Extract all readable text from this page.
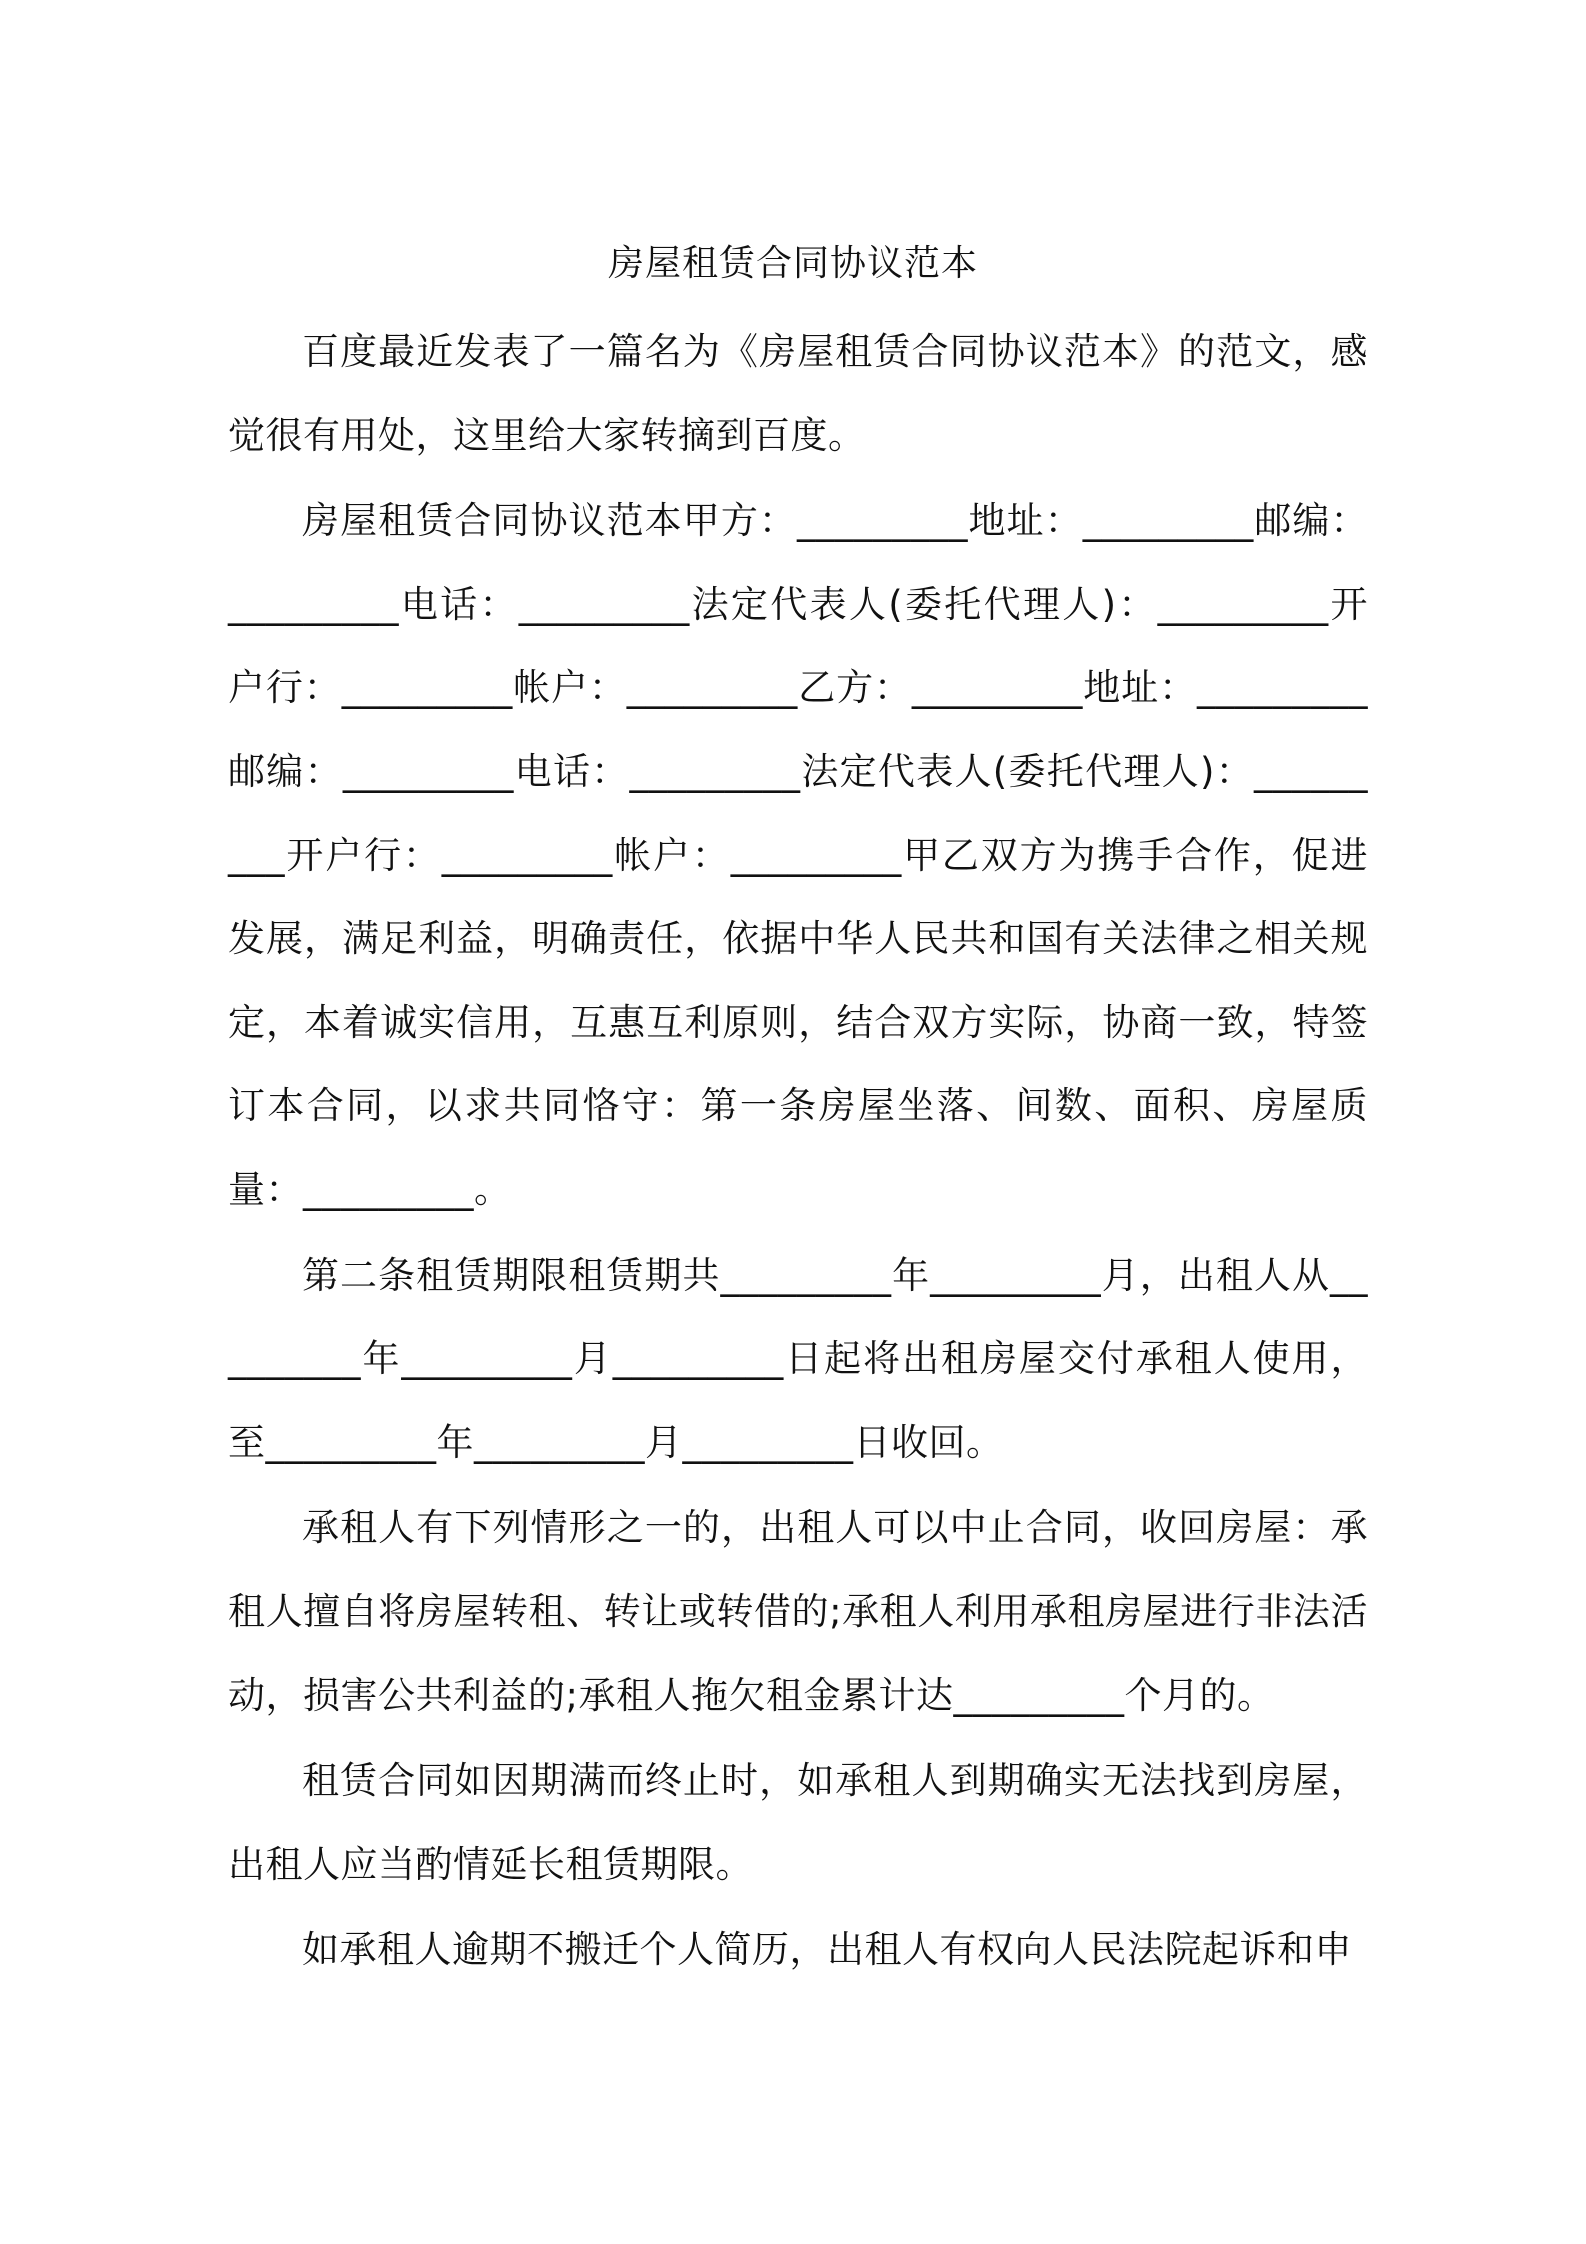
房屋租赁合同协议范本

百度最近发表了一篇名为《房屋租赁合同协议范本》的范文，感觉很有用处，这里给大家转摘到百度。

房屋租赁合同协议范本甲方：_________地址：_________邮编：_________电话：_________法定代表人(委托代理人)：_________开户行：_________帐户：_________乙方：_________地址：_________邮编：_________电话：_________法定代表人(委托代理人)：_________开户行：_________帐户：_________甲乙双方为携手合作，促进发展，满足利益，明确责任，依据中华人民共和国有关法律之相关规定，本着诚实信用，互惠互利原则，结合双方实际，协商一致，特签订本合同，以求共同恪守：第一条房屋坐落、间数、面积、房屋质量：_________。

第二条租赁期限租赁期共_________年_________月，出租人从_________年_________月_________日起将出租房屋交付承租人使用，至_________年_________月_________日收回。

承租人有下列情形之一的，出租人可以中止合同，收回房屋：承租人擅自将房屋转租、转让或转借的;承租人利用承租房屋进行非法活动，损害公共利益的;承租人拖欠租金累计达_________个月的。

租赁合同如因期满而终止时，如承租人到期确实无法找到房屋，出租人应当酌情延长租赁期限。

如承租人逾期不搬迁个人简历，出租人有权向人民法院起诉和申
